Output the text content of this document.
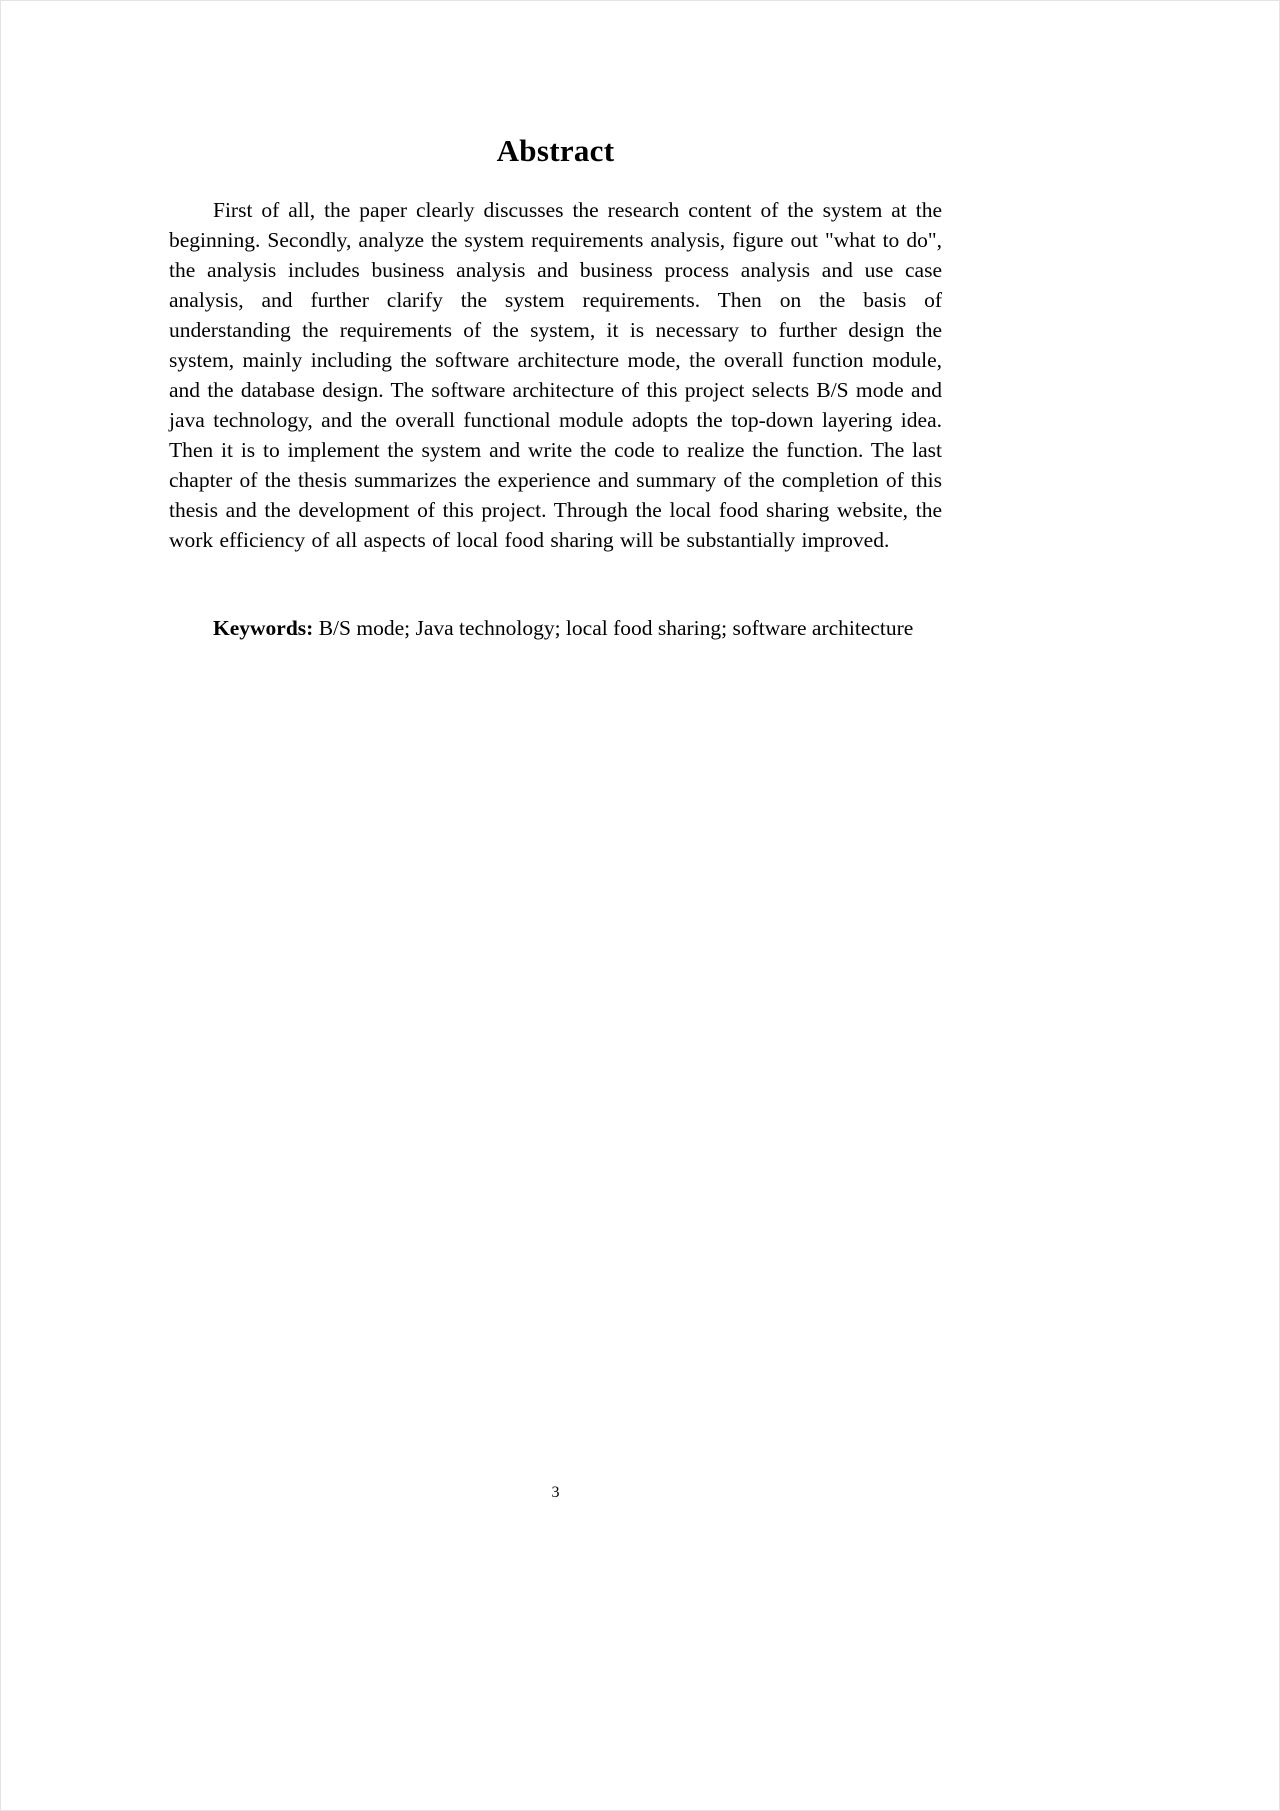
Abstract

First of all, the paper clearly discusses the research content of the system at the beginning. Secondly, analyze the system requirements analysis, figure out "what to do", the analysis includes business analysis and business process analysis and use case analysis, and further clarify the system requirements. Then on the basis of understanding the requirements of the system, it is necessary to further design the system, mainly including the software architecture mode, the overall function module, and the database design. The software architecture of this project selects B/S mode and java technology, and the overall functional module adopts the top-down layering idea. Then it is to implement the system and write the code to realize the function. The last chapter of the thesis summarizes the experience and summary of the completion of this thesis and the development of this project. Through the local food sharing website, the work efficiency of all aspects of local food sharing will be substantially improved.

Keywords: B/S mode; Java technology; local food sharing; software architecture

3
